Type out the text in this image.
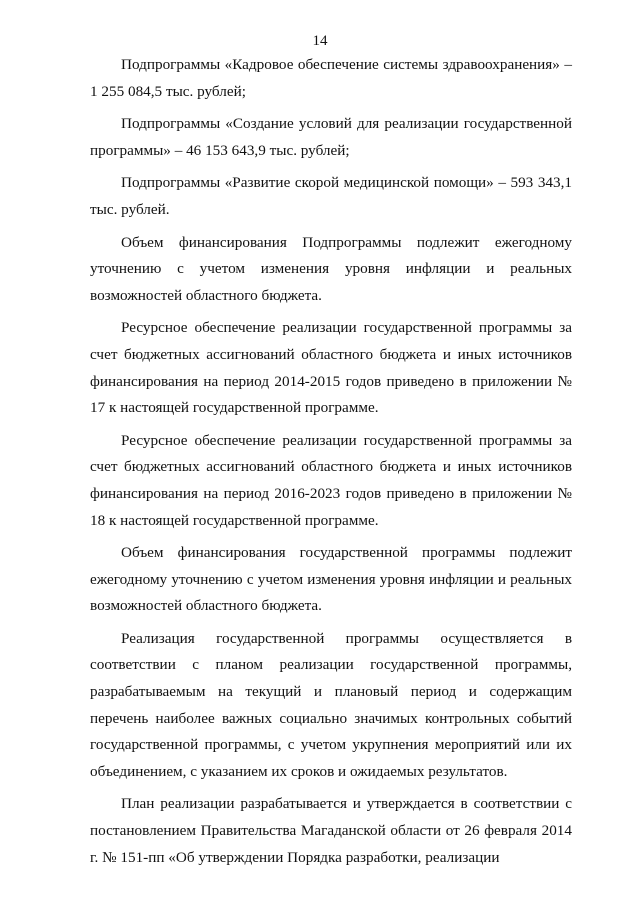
14

Подпрограммы «Кадровое обеспечение системы здравоохранения» – 1 255 084,5 тыс. рублей;

Подпрограммы «Создание условий для реализации государственной программы» – 46 153 643,9 тыс. рублей;

Подпрограммы «Развитие скорой медицинской помощи» – 593 343,1 тыс. рублей.

Объем финансирования Подпрограммы подлежит ежегодному уточнению с учетом изменения уровня инфляции и реальных возможностей областного бюджета.

Ресурсное обеспечение реализации государственной программы за счет бюджетных ассигнований областного бюджета и иных источников финансирования на период 2014-2015 годов приведено в приложении № 17 к настоящей государственной программе.

Ресурсное обеспечение реализации государственной программы за счет бюджетных ассигнований областного бюджета и иных источников финансирования на период 2016-2023 годов приведено в приложении № 18 к настоящей государственной программе.

Объем финансирования государственной программы подлежит ежегодному уточнению с учетом изменения уровня инфляции и реальных возможностей областного бюджета.

Реализация государственной программы осуществляется в соответствии с планом реализации государственной программы, разрабатываемым на текущий и плановый период и содержащим перечень наиболее важных социально значимых контрольных событий государственной программы, с учетом укрупнения мероприятий или их объединением, с указанием их сроков и ожидаемых результатов.

План реализации разрабатывается и утверждается в соответствии с постановлением Правительства Магаданской области от 26 февраля 2014 г. № 151-пп «Об утверждении Порядка разработки, реализации
